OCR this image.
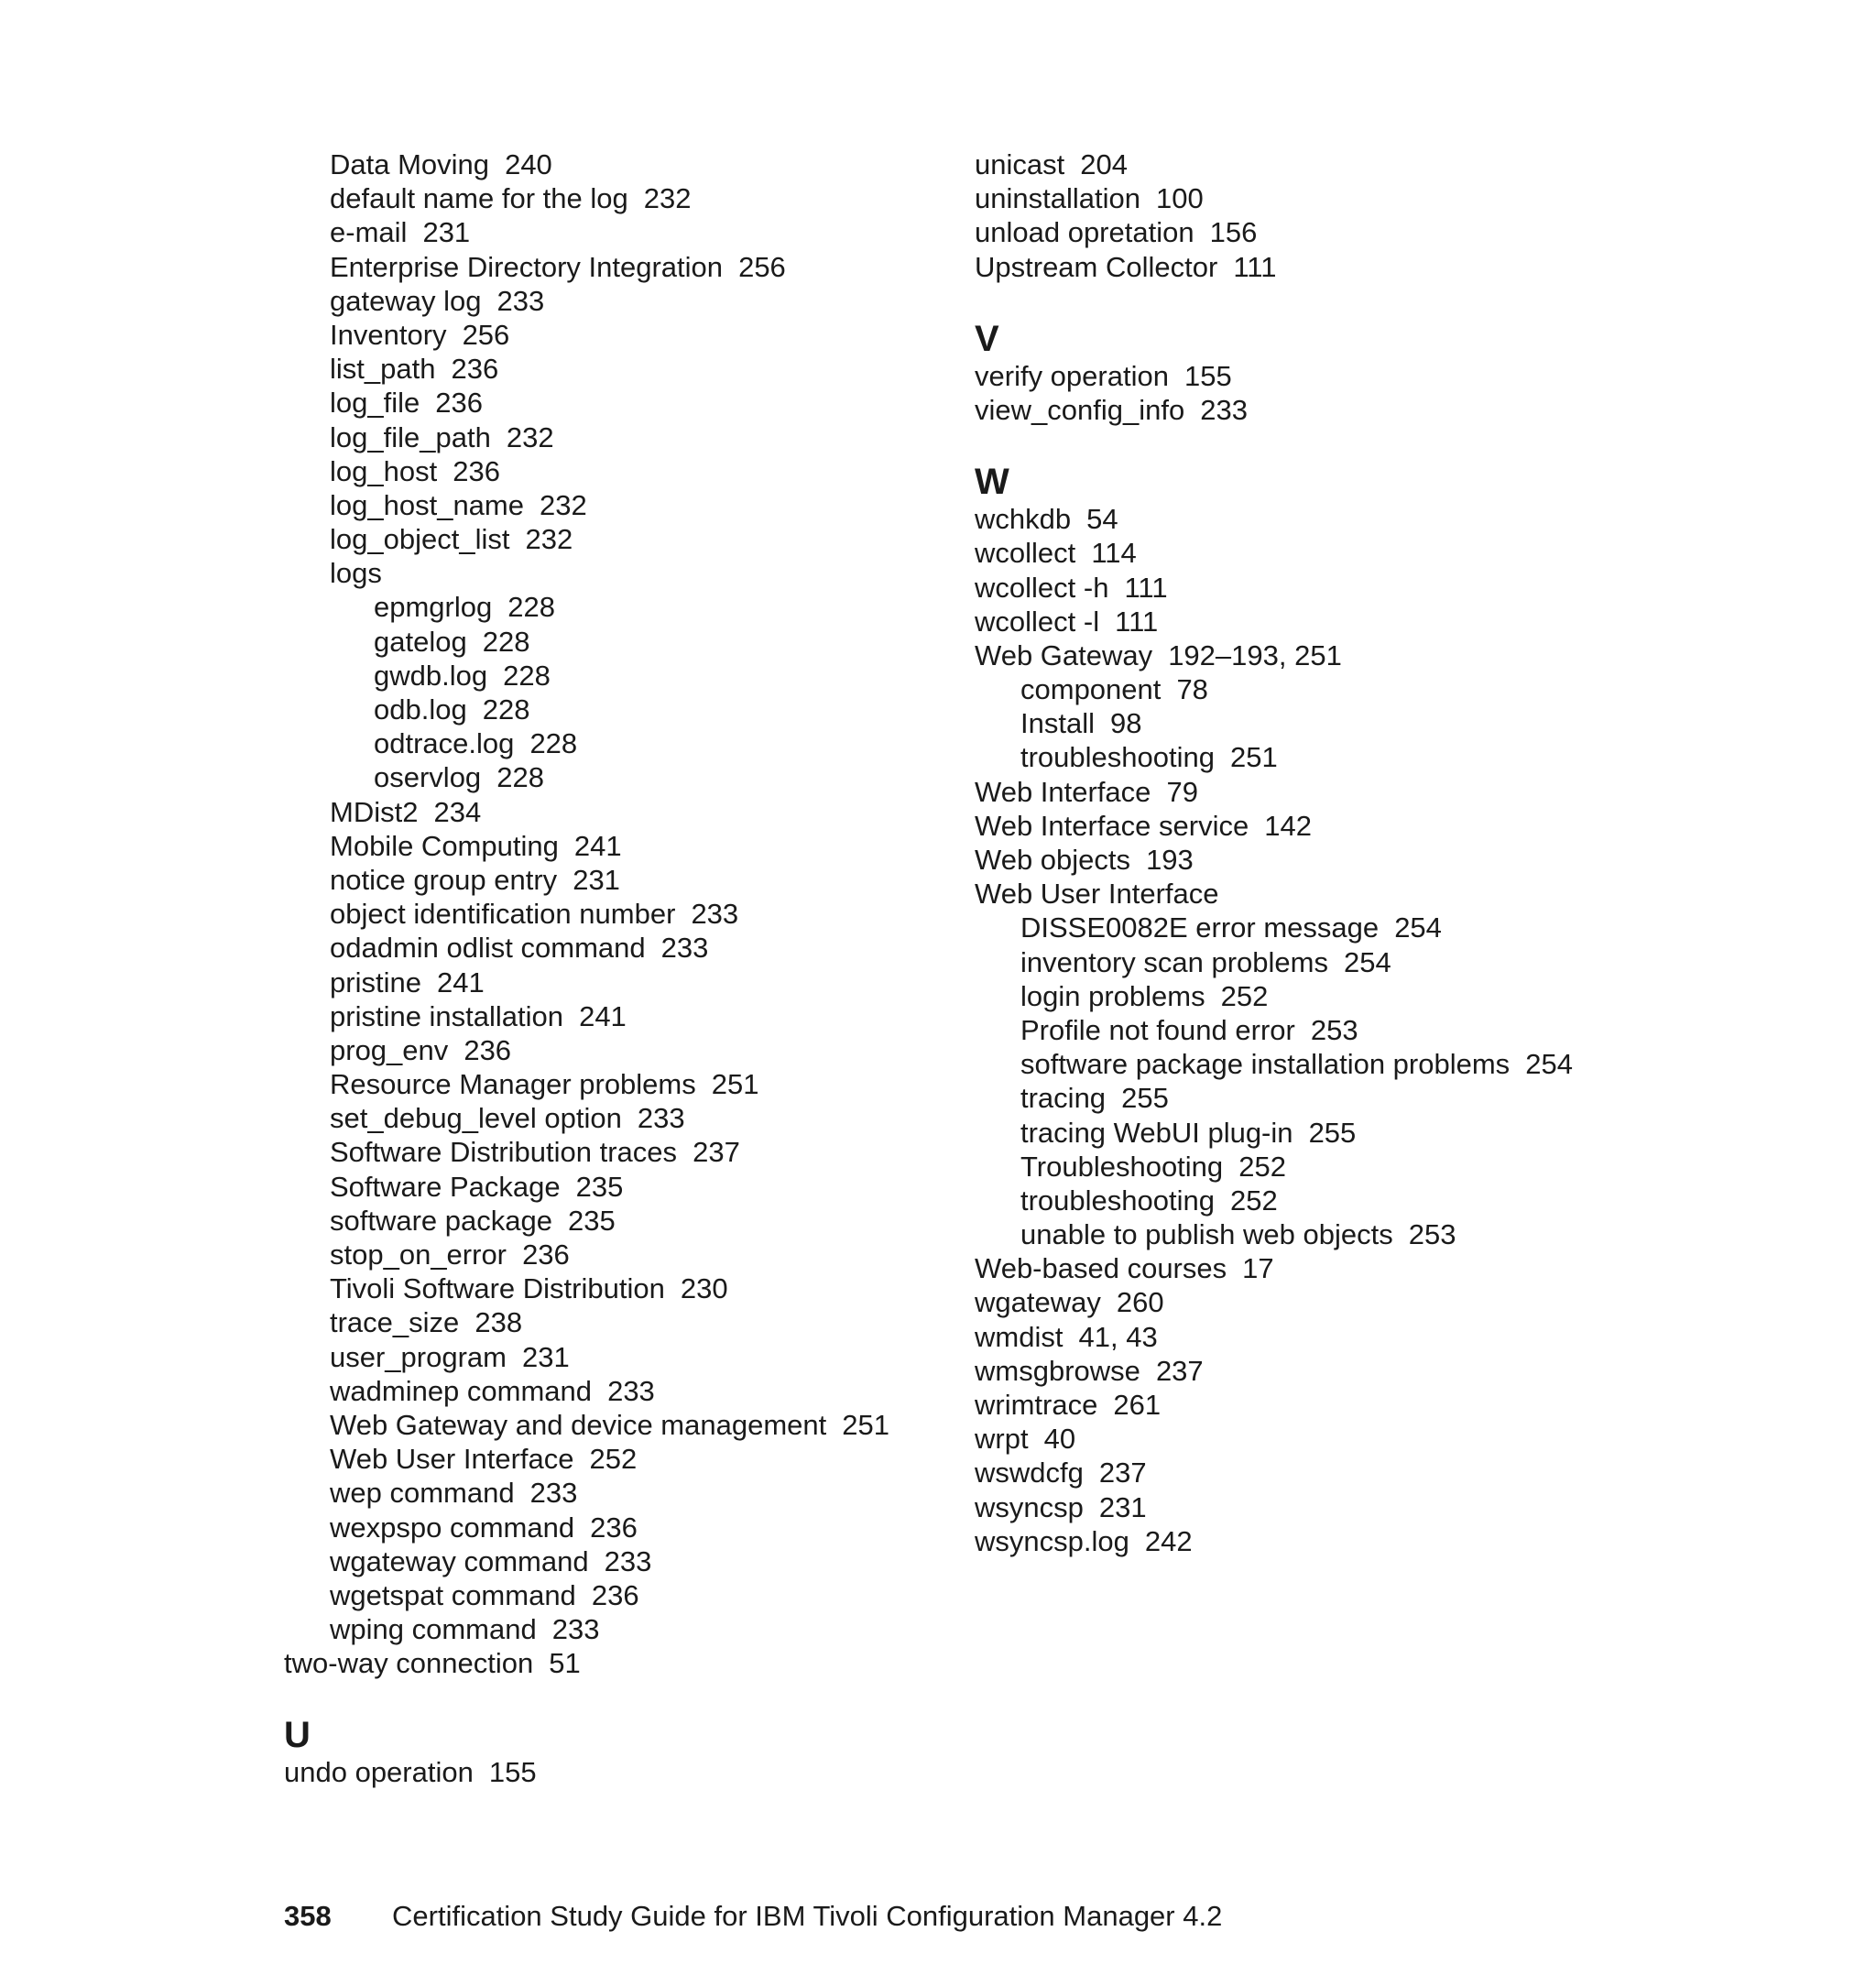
Data Moving 240
default name for the log 232
e-mail 231
Enterprise Directory Integration 256
gateway log 233
Inventory 256
list_path 236
log_file 236
log_file_path 232
log_host 236
log_host_name 232
log_object_list 232
logs
epmgrlog 228
gatelog 228
gwdb.log 228
odb.log 228
odtrace.log 228
oservlog 228
MDist2 234
Mobile Computing 241
notice group entry 231
object identification number 233
odadmin odlist command 233
pristine 241
pristine installation 241
prog_env 236
Resource Manager problems 251
set_debug_level option 233
Software Distribution traces 237
Software Package 235
software package 235
stop_on_error 236
Tivoli Software Distribution 230
trace_size 238
user_program 231
wadminep command 233
Web Gateway and device management 251
Web User Interface 252
wep command 233
wexpspo command 236
wgateway command 233
wgetspat command 236
wping command 233
two-way connection 51
U
undo operation 155
unicast 204
uninstallation 100
unload opretation 156
Upstream Collector 111
V
verify operation 155
view_config_info 233
W
wchkdb 54
wcollect 114
wcollect -h 111
wcollect -l 111
Web Gateway 192–193, 251
component 78
Install 98
troubleshooting 251
Web Interface 79
Web Interface service 142
Web objects 193
Web User Interface
DISSE0082E error message 254
inventory scan problems 254
login problems 252
Profile not found error 253
software package installation problems 254
tracing 255
tracing WebUI plug-in 255
Troubleshooting 252
troubleshooting 252
unable to publish web objects 253
Web-based courses 17
wgateway 260
wmdist 41, 43
wmsgbrowse 237
wrimtrace 261
wrpt 40
wswdcfg 237
wsyncsp 231
wsyncsp.log 242
358 Certification Study Guide for IBM Tivoli Configuration Manager 4.2
